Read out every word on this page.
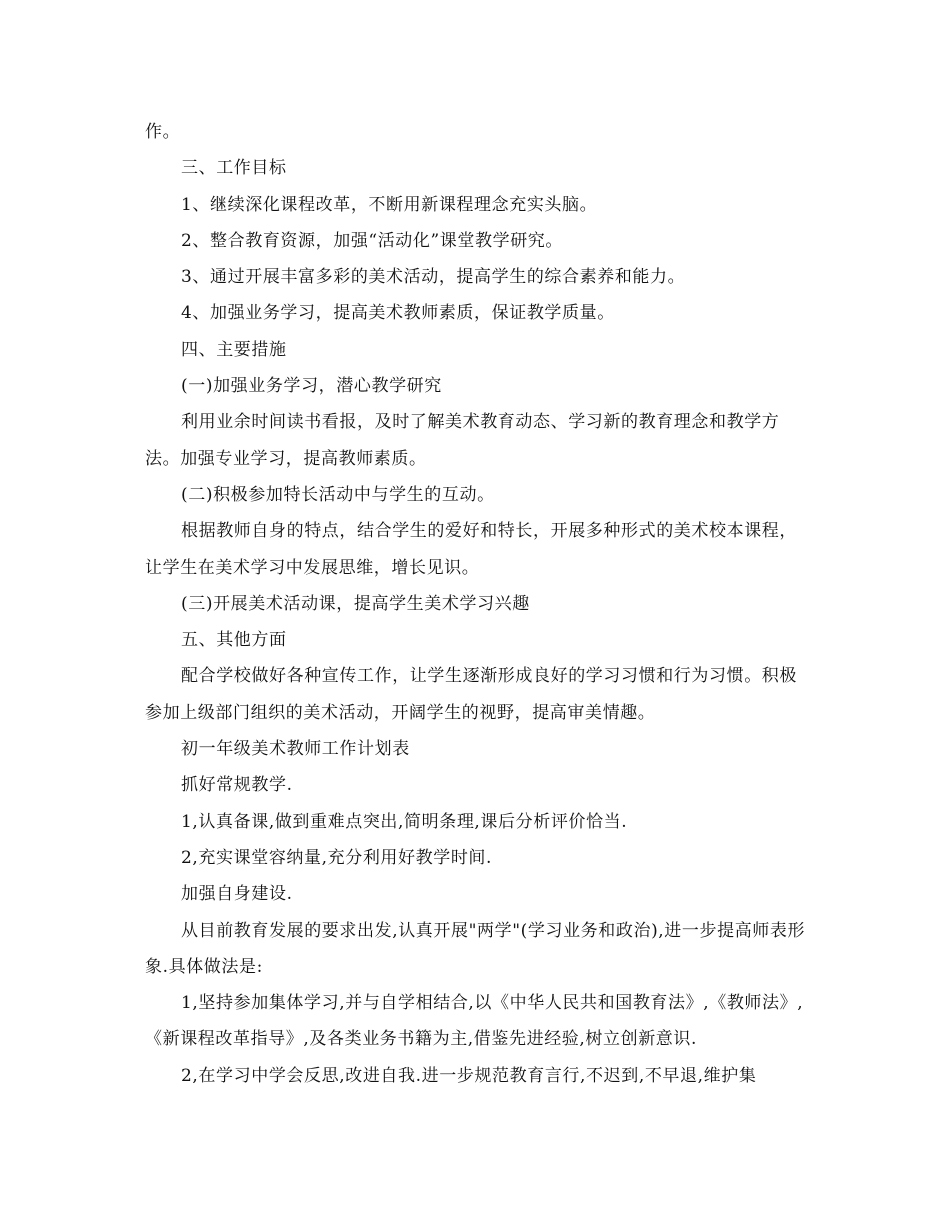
作。

三、工作目标

1、继续深化课程改革，不断用新课程理念充实头脑。

2、整合教育资源，加强“活动化”课堂教学研究。

3、通过开展丰富多彩的美术活动，提高学生的综合素养和能力。

4、加强业务学习，提高美术教师素质，保证教学质量。

四、主要措施

(一)加强业务学习，潜心教学研究

利用业余时间读书看报，及时了解美术教育动态、学习新的教育理念和教学方法。加强专业学习，提高教师素质。

(二)积极参加特长活动中与学生的互动。

根据教师自身的特点，结合学生的爱好和特长，开展多种形式的美术校本课程，让学生在美术学习中发展思维，增长见识。

(三)开展美术活动课，提高学生美术学习兴趣

五、其他方面

配合学校做好各种宣传工作，让学生逐渐形成良好的学习习惯和行为习惯。积极参加上级部门组织的美术活动，开阔学生的视野，提高审美情趣。

初一年级美术教师工作计划表

抓好常规教学.

1,认真备课,做到重难点突出,简明条理,课后分析评价恰当.

2,充实课堂容纳量,充分利用好教学时间.

加强自身建设.

从目前教育发展的要求出发,认真开展"两学"(学习业务和政治),进一步提高师表形象.具体做法是:

1,坚持参加集体学习,并与自学相结合,以《中华人民共和国教育法》,《教师法》,《新课程改革指导》,及各类业务书籍为主,借鉴先进经验,树立创新意识.

2,在学习中学会反思,改进自我.进一步规范教育言行,不迟到,不早退,维护集
